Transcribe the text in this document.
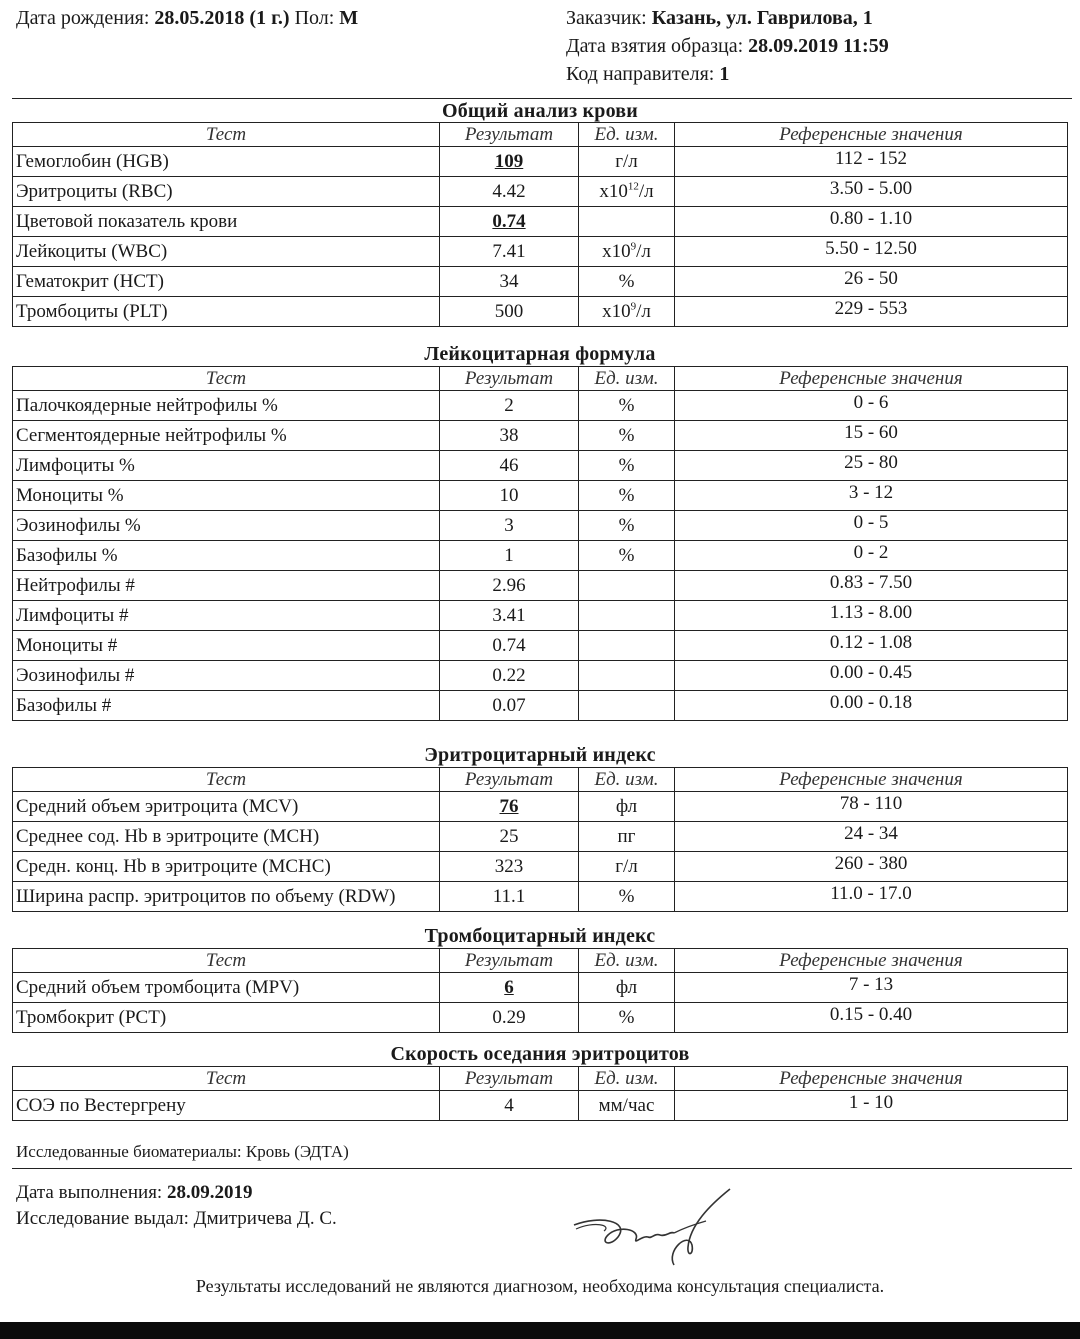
Дата рождения: 28.05.2018 (1 г.) Пол: М	Заказчик: Казань, ул. Гаврилова, 1
Дата взятия образца: 28.09.2019 11:59
Код направителя: 1
Общий анализ крови
Тест	Результат	Ед. изм.	Референсные значения
Гемоглобин (HGB)	109	г/л	112 - 152
Эритроциты (RBC)	4.42	$x10^{12}/л$	3.50 - 5.00
Цветовой показатель крови	0.74		0.80 - 1.10
Лейкоциты (WBC)	7.41	$x10^9/л$	5.50 - 12.50
Гематокрит (HCT)	34	%	26 - 50
Тромбоциты (PLT)	500	$x10^9/л$	229 - 553
Лейкоцитарная формула
Тест	Результат	Ед. изм.	Референсные значения
Палочкоядерные нейтрофилы %	2	%	0 - 6
Сегментоядерные нейтрофилы %	38	%	15 - 60
Лимфоциты %	46	%	25 - 80
Моноциты %	10	%	3 - 12
Эозинофилы %	3	%	0 - 5
Базофилы %	1	%	0 - 2
Нейтрофилы #	2.96		0.83 - 7.50
Лимфоциты #	3.41		1.13 - 8.00
Моноциты #	0.74		0.12 - 1.08
Эозинофилы #	0.22		0.00 - 0.45
Базофилы #	0.07		0.00 - 0.18
Эритроцитарный индекс
Тест	Результат	Ед. изм.	Референсные значения
Средний объем эритроцита (MCV)	76	фл	78 - 110
Среднее сод. Hb в эритроците (MCH)	25	пг	24 - 34
Средн. конц. Hb в эритроците (MCHC)	323	г/л	260 - 380
Ширина распр. эритроцитов по объему (RDW)	11.1	%	11.0 - 17.0
Тромбоцитарный индекс
Тест	Результат	Ед. изм.	Референсные значения
Средний объем тромбоцита (MPV)	6	фл	7 - 13
Тромбокрит (PCT)	0.29	%	0.15 - 0.40
Скорость оседания эритроцитов
Тест	Результат	Ед. изм.	Референсные значения
СОЭ по Вестергрену	4	мм/час	1 - 10
Исследованные биоматериалы: Кровь (ЭДТА)
Дата выполнения: 28.09.2019
Исследование выдал: Дмитричева Д. С.
Результаты исследований не являются диагнозом, необходима консультация специалиста.
